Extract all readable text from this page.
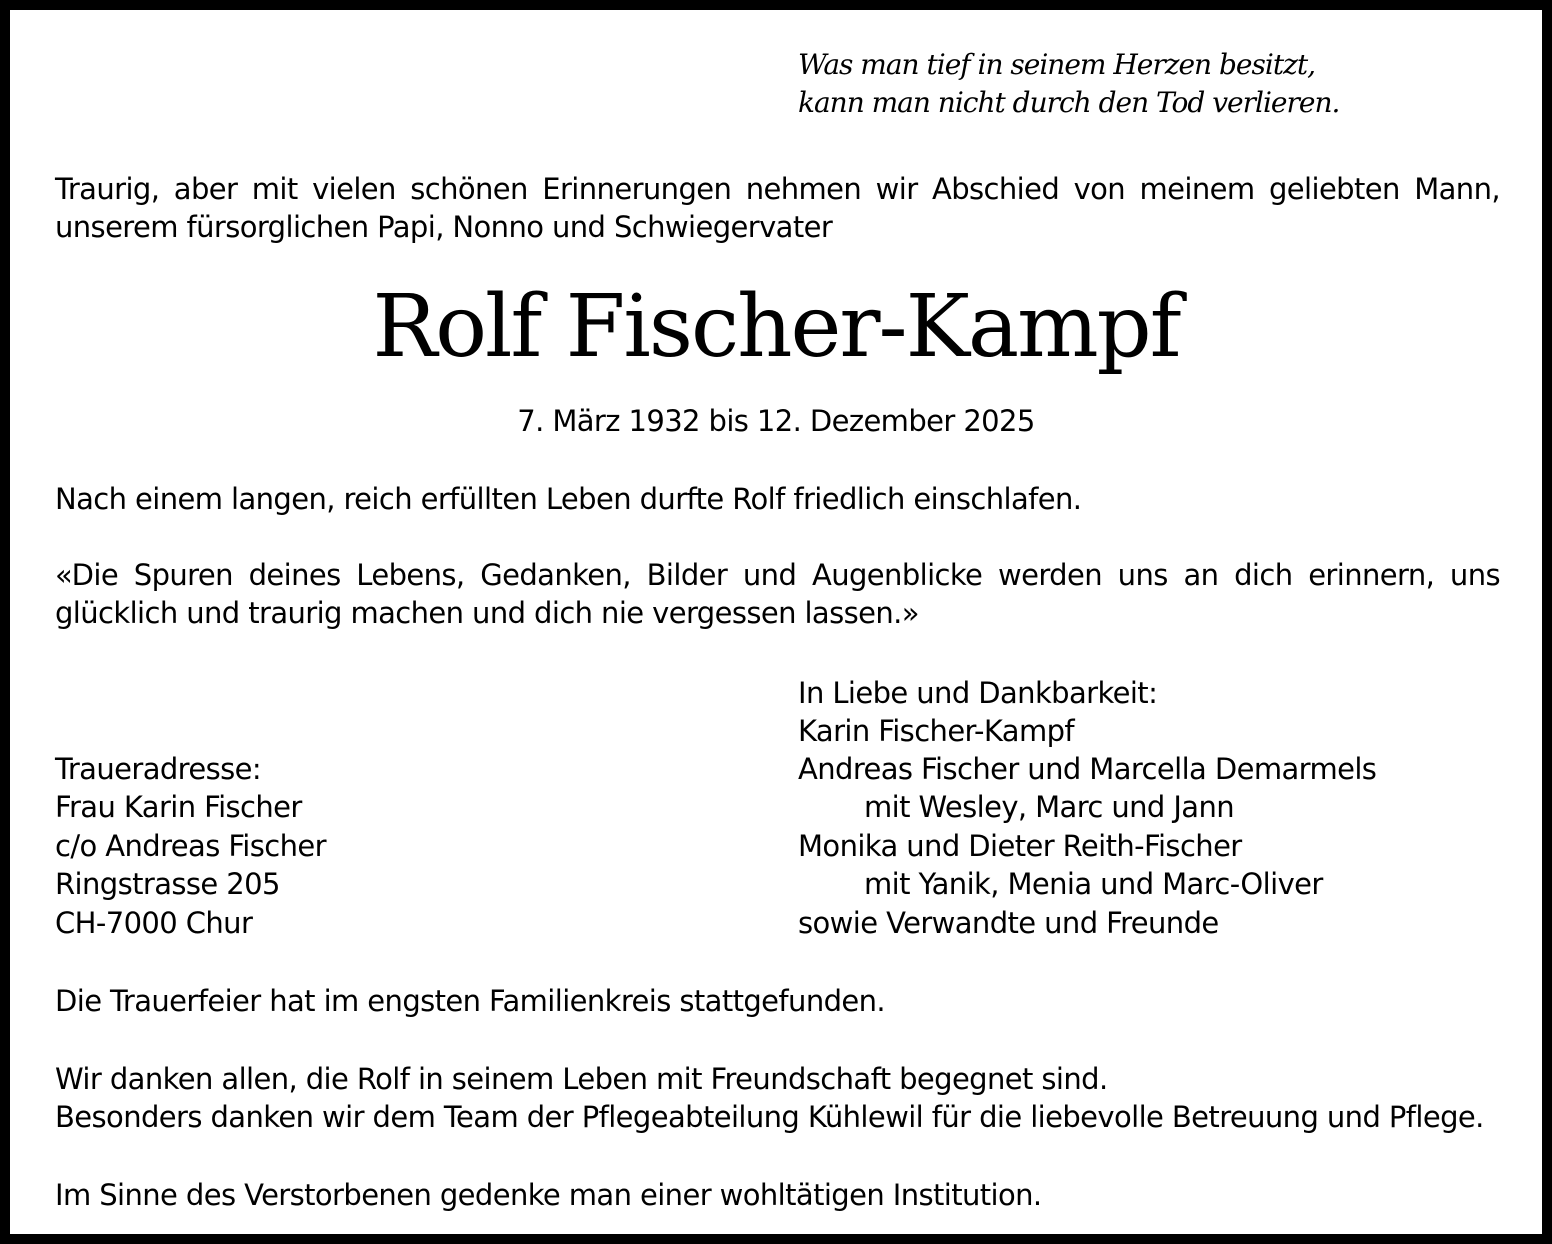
Was man tief in seinem Herzen besitzt,
kann man nicht durch den Tod verlieren.
Traurig, aber mit vielen schönen Erinnerungen nehmen wir Abschied von meinem geliebten Mann, unserem fürsorglichen Papi, Nonno und Schwiegervater
Rolf Fischer-Kampf
7. März 1932 bis 12. Dezember 2025
Nach einem langen, reich erfüllten Leben durfte Rolf friedlich einschlafen.
«Die Spuren deines Lebens, Gedanken, Bilder und Augenblicke werden uns an dich erinnern, uns glücklich und traurig machen und dich nie vergessen lassen.»
In Liebe und Dankbarkeit:
Karin Fischer-Kampf
Andreas Fischer und Marcella Demarmels
mit Wesley, Marc und Jann
Monika und Dieter Reith-Fischer
mit Yanik, Menia und Marc-Oliver
sowie Verwandte und Freunde
Traueradresse:
Frau Karin Fischer
c/o Andreas Fischer
Ringstrasse 205
CH-7000 Chur
Die Trauerfeier hat im engsten Familienkreis stattgefunden.
Wir danken allen, die Rolf in seinem Leben mit Freundschaft begegnet sind.
Besonders danken wir dem Team der Pflegeabteilung Kühlewil für die liebevolle Betreuung und Pflege.
Im Sinne des Verstorbenen gedenke man einer wohltätigen Institution.
